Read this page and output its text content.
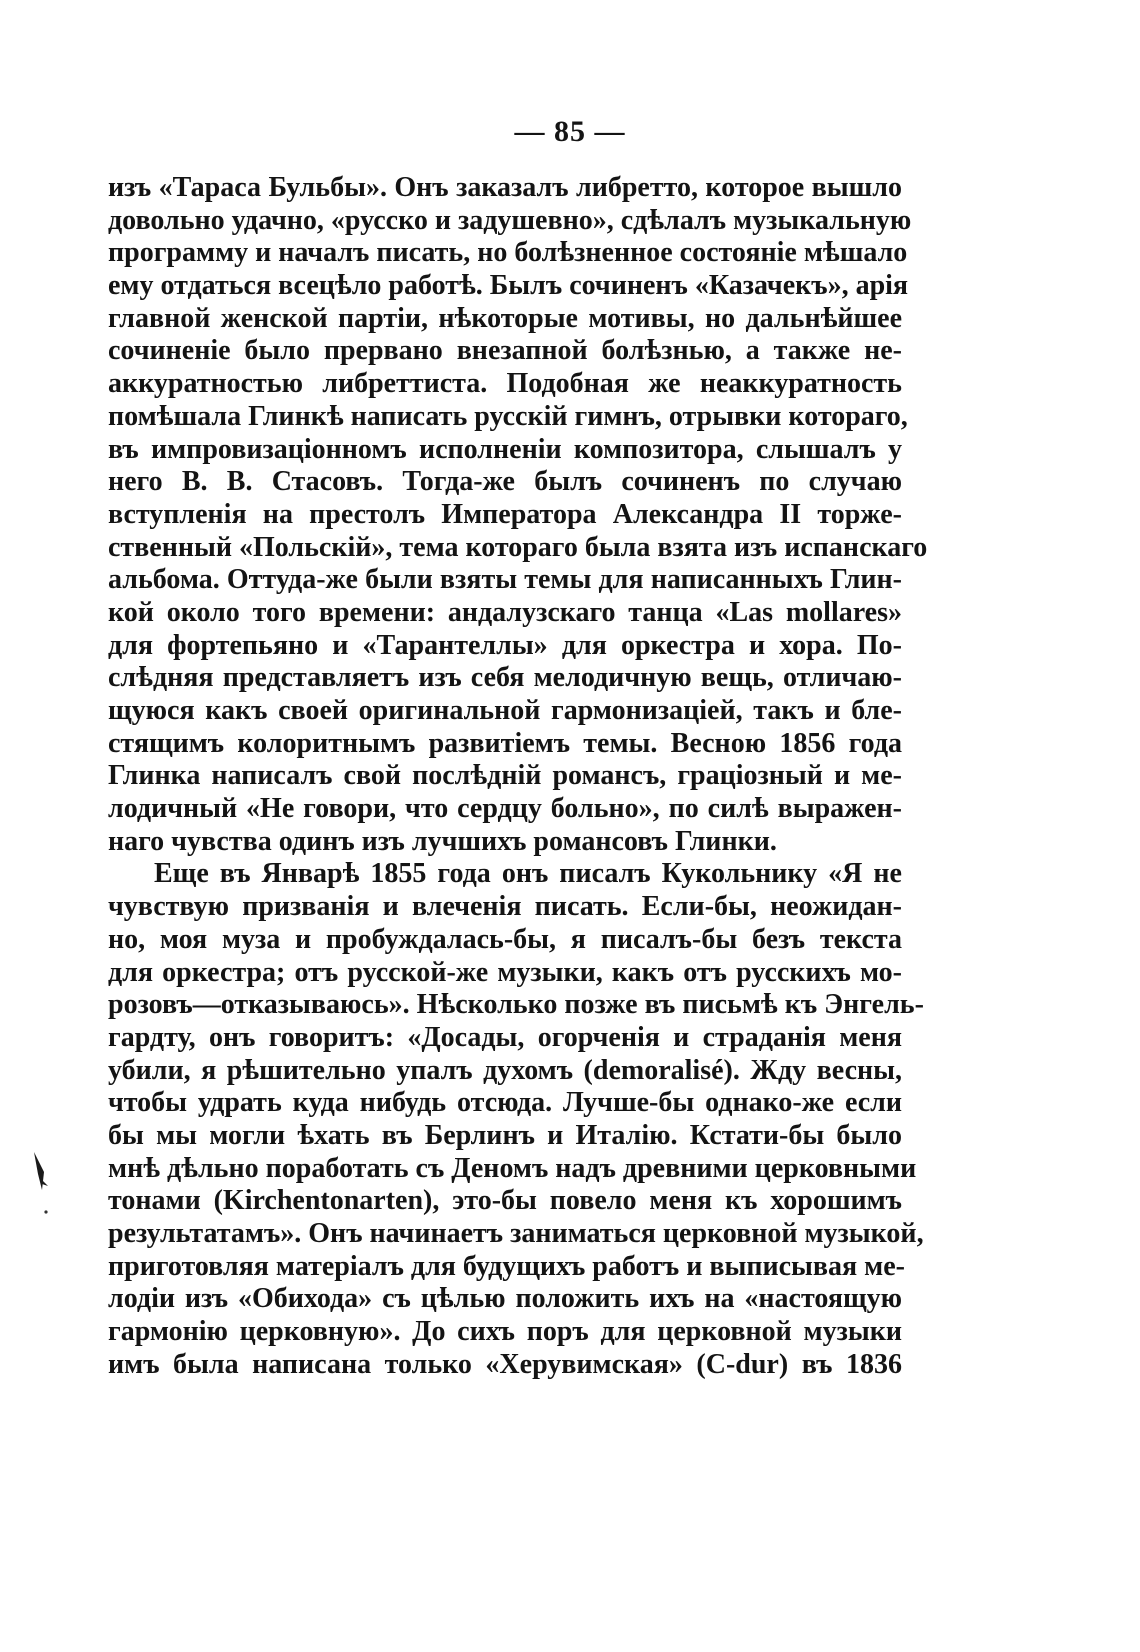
— 85 —
изъ «Тараса Бульбы». Онъ заказалъ либретто, которое вышло
довольно удачно, «русско и задушевно», сдѣлалъ музыкальную
программу и началъ писать, но болѣзненное состоянiе мѣшало
ему отдаться всецѣло работѣ. Былъ сочиненъ «Казачекъ», арiя
главной женской партiи, нѣкоторые мотивы, но дальнѣйшее
сочиненiе было прервано внезапной болѣзнью, а также не-
аккуратностью либреттиста. Подобная же неаккуратность
помѣшала Глинкѣ написать русскiй гимнъ, отрывки котораго,
въ импровизацiонномъ исполненiи композитора, слышалъ у
него В. В. Стасовъ. Тогда-же былъ сочиненъ по случаю
вступленiя на престолъ Императора Александра II торже-
ственный «Польскiй», тема котораго была взята изъ испанскаго
альбома. Оттуда-же были взяты темы для написанныхъ Глин-
кой около того времени: андалузскаго танца «Las mollares»
для фортепьяно и «Тарантеллы» для оркестра и хора. По-
слѣдняя представляетъ изъ себя мелодичную вещь, отличаю-
щуюся какъ своей оригинальной гармонизацiей, такъ и бле-
стящимъ колоритнымъ развитiемъ темы. Весною 1856 года
Глинка написалъ свой послѣднiй романсъ, грацiозный и ме-
лодичный «Не говори, что сердцу больно», по силѣ выражен-
наго чувства одинъ изъ лучшихъ романсовъ Глинки.
Еще въ Январѣ 1855 года онъ писалъ Кукольнику «Я не
чувствую призванiя и влеченiя писать. Если-бы, неожидан-
но, моя муза и пробуждалась-бы, я писалъ-бы безъ текста
для оркестра; отъ русской-же музыки, какъ отъ русскихъ мо-
розовъ—отказываюсь». Нѣсколько позже въ письмѣ къ Энгель-
гардту, онъ говоритъ: «Досады, огорченiя и страданiя меня
убили, я рѣшительно упалъ духомъ (demoralisé). Жду весны,
чтобы удрать куда нибудь отсюда. Лучше-бы однако-же если
бы мы могли ѣхать въ Берлинъ и Италiю. Кстати-бы было
мнѣ дѣльно поработать съ Деномъ надъ древними церковными
тонами (Kirchentonarten), это-бы повело меня къ хорошимъ
результатамъ». Онъ начинаетъ заниматься церковной музыкой,
приготовляя матерiалъ для будущихъ работъ и выписывая ме-
лодiи изъ «Обихода» съ цѣлью положить ихъ на «настоящую
гармонiю церковную». До сихъ поръ для церковной музыки
имъ была написана только «Херувимская» (C-dur) въ 1836
